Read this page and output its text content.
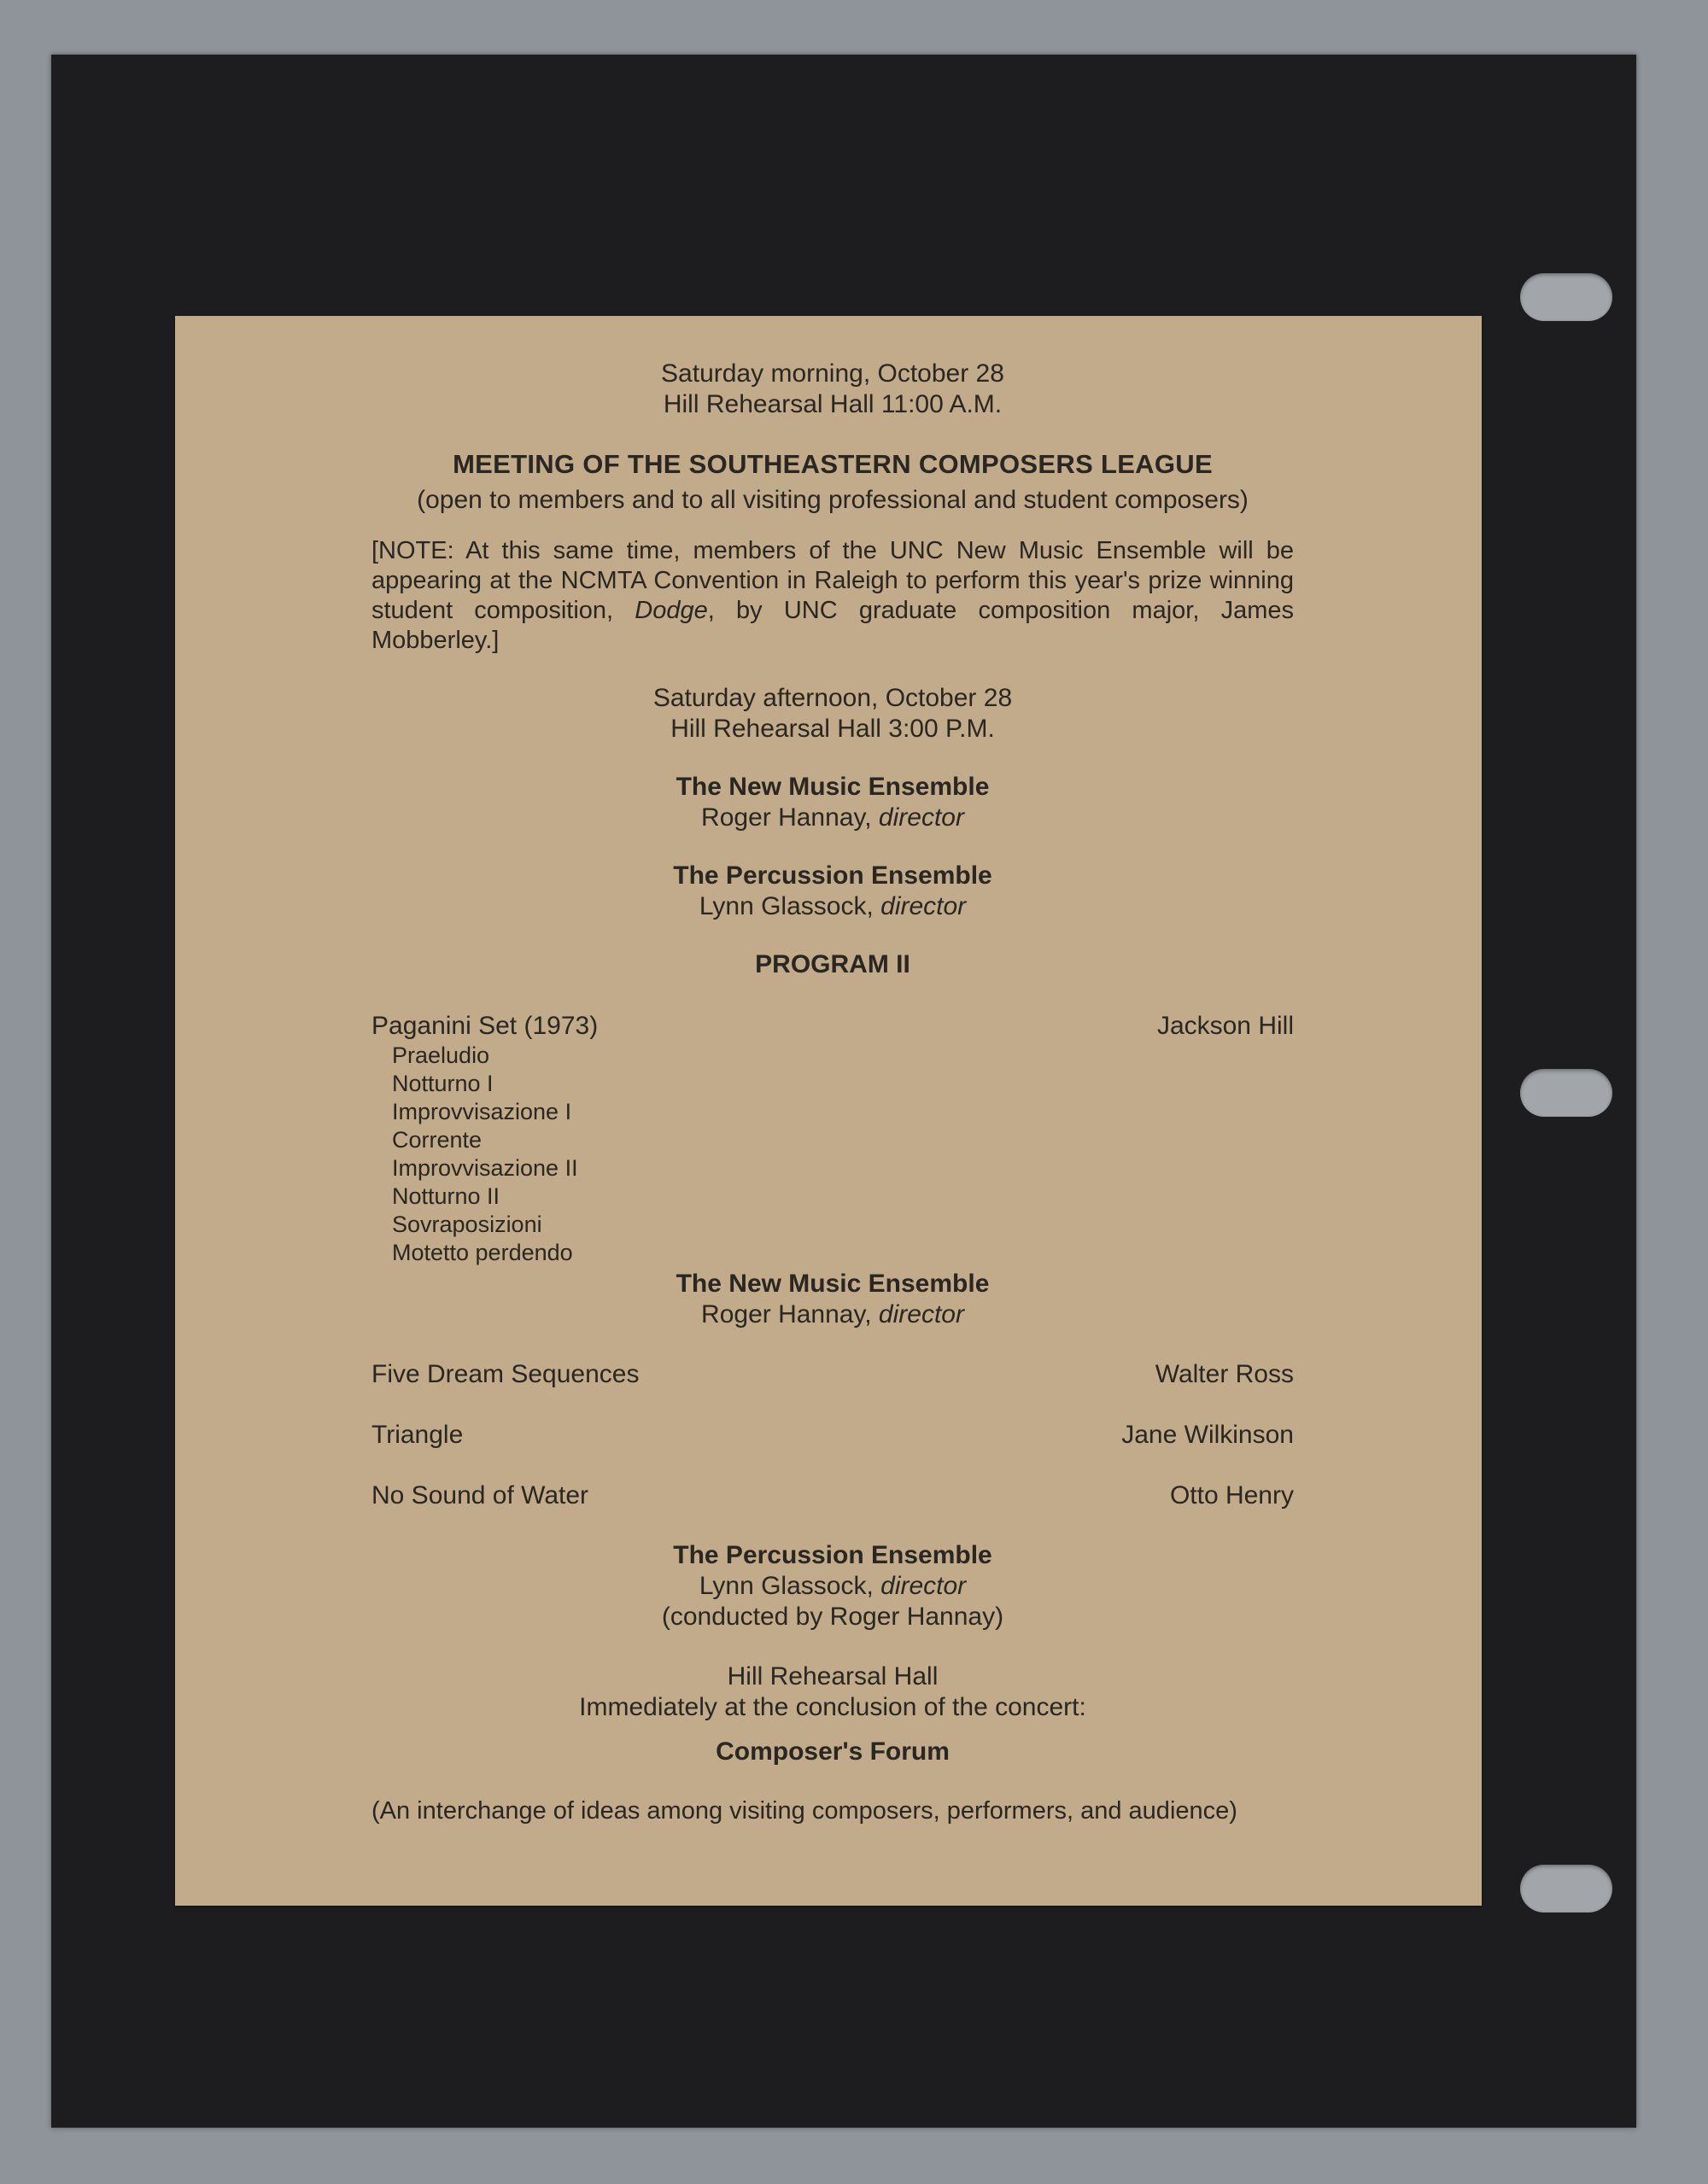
Saturday morning, October 28
Hill Rehearsal Hall 11:00 A.M.
MEETING OF THE SOUTHEASTERN COMPOSERS LEAGUE
(open to members and to all visiting professional and student composers)
[NOTE: At this same time, members of the UNC New Music Ensemble will be appearing at the NCMTA Convention in Raleigh to perform this year's prize winning student composition, Dodge, by UNC graduate composition major, James Mobberley.]
Saturday afternoon, October 28
Hill Rehearsal Hall 3:00 P.M.
The New Music Ensemble
Roger Hannay, director
The Percussion Ensemble
Lynn Glassock, director
PROGRAM II
Paganini Set (1973)	Jackson Hill
Praeludio
Notturno I
Improvvisazione I
Corrente
Improvvisazione II
Notturno II
Sovraposizioni
Motetto perdendo
The New Music Ensemble
Roger Hannay, director
Five Dream Sequences	Walter Ross
Triangle	Jane Wilkinson
No Sound of Water	Otto Henry
The Percussion Ensemble
Lynn Glassock, director
(conducted by Roger Hannay)
Hill Rehearsal Hall
Immediately at the conclusion of the concert:
Composer's Forum
(An interchange of ideas among visiting composers, performers, and audience)
